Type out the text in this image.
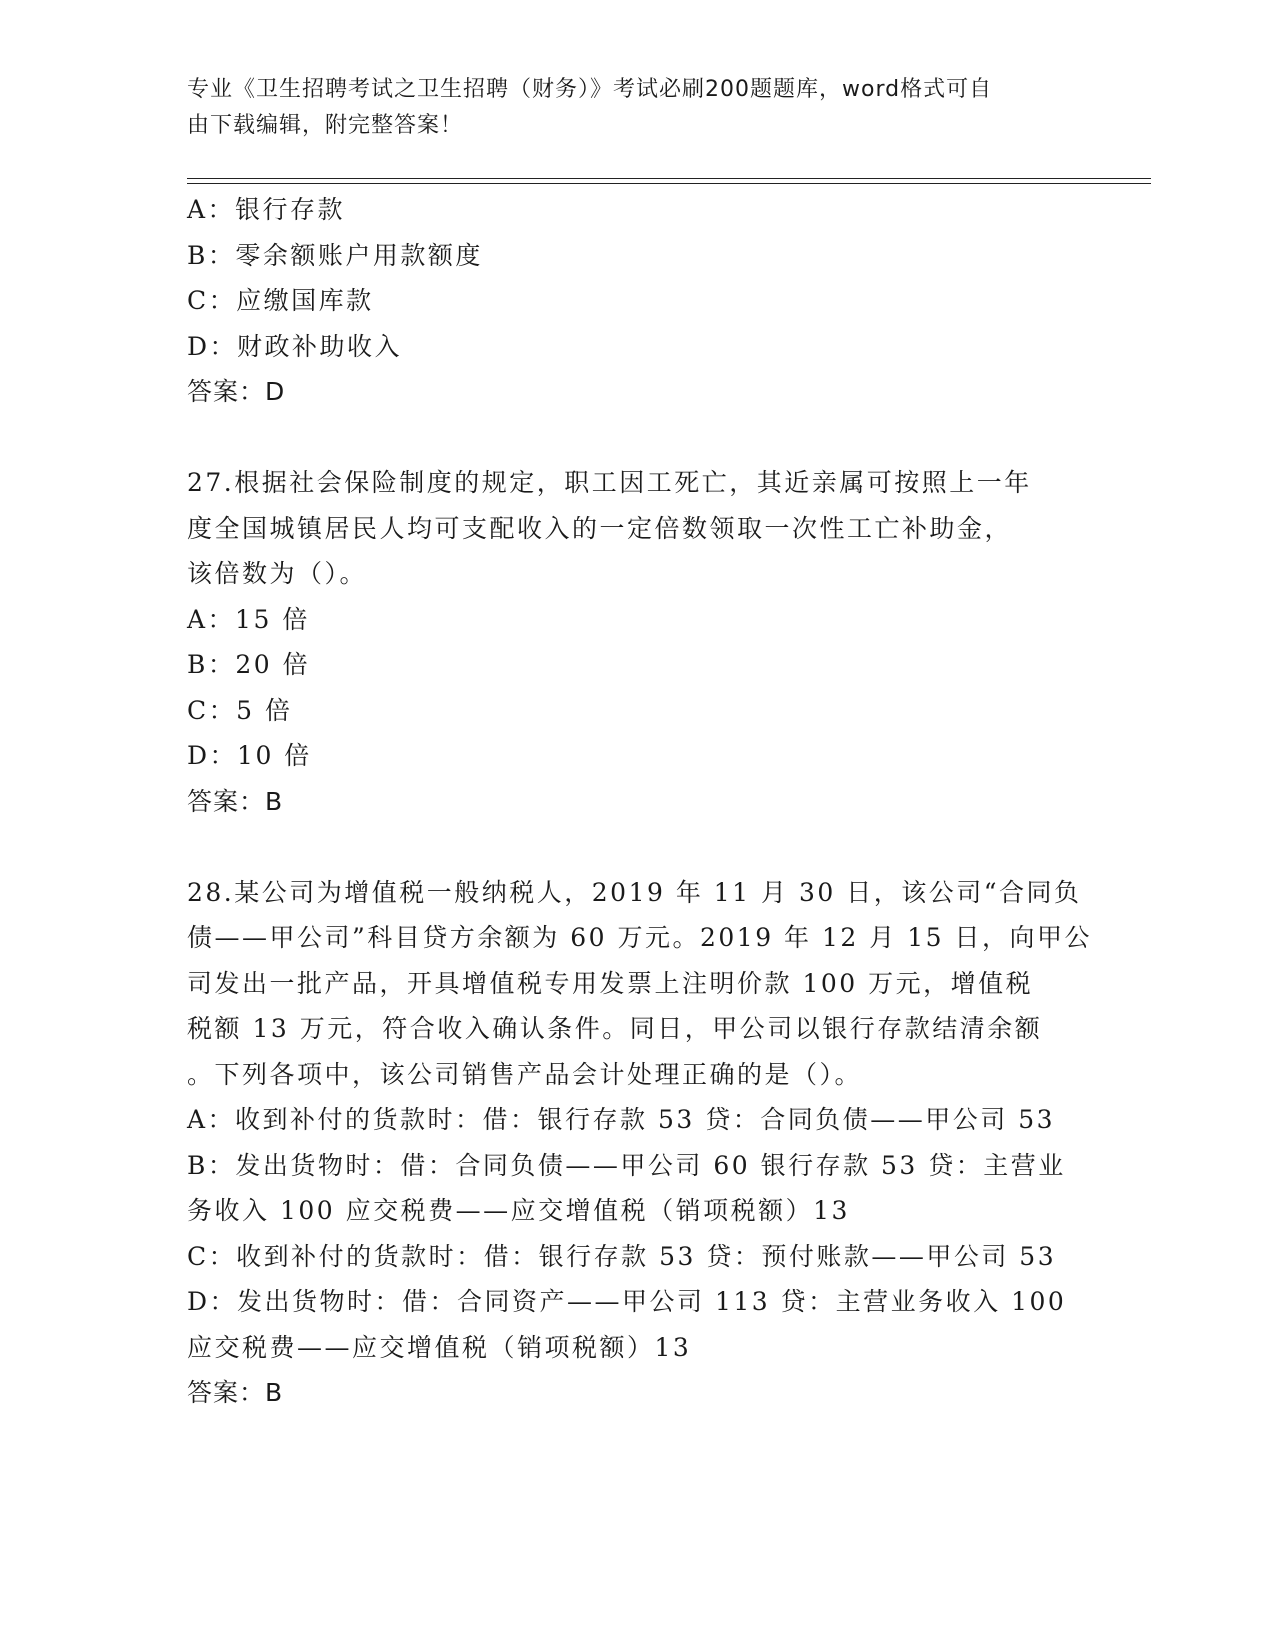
专业《卫生招聘考试之卫生招聘（财务）》考试必刷200题题库，word格式可自
由下载编辑，附完整答案！
A：银行存款
B：零余额账户用款额度
C：应缴国库款
D：财政补助收入
答案：D
27.根据社会保险制度的规定，职工因工死亡，其近亲属可按照上一年
度全国城镇居民人均可支配收入的一定倍数领取一次性工亡补助金，
该倍数为（）。
A：15 倍
B：20 倍
C：5 倍
D：10 倍
答案：B
28.某公司为增值税一般纳税人，2019 年 11 月 30 日，该公司“合同负
债——甲公司”科目贷方余额为 60 万元。2019 年 12 月 15 日，向甲公
司发出一批产品，开具增值税专用发票上注明价款 100 万元，增值税
税额 13 万元，符合收入确认条件。同日，甲公司以银行存款结清余额
。下列各项中，该公司销售产品会计处理正确的是（）。
A：收到补付的货款时：借：银行存款 53 贷：合同负债——甲公司 53
B：发出货物时：借：合同负债——甲公司 60 银行存款 53 贷：主营业
务收入 100 应交税费——应交增值税（销项税额）13
C：收到补付的货款时：借：银行存款 53 贷：预付账款——甲公司 53
D：发出货物时：借：合同资产——甲公司 113 贷：主营业务收入 100
应交税费——应交增值税（销项税额）13
答案：B
